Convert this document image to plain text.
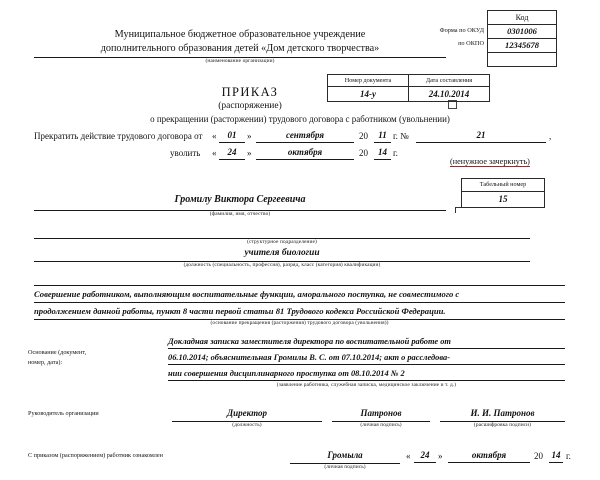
Форма по ОКУД
по ОКПО
Код
0301006
12345678
Муниципальное бюджетное образовательное учреждение
дополнительного образования детей «Дом детского творчества»
(наименование организации)
ПРИКАЗ
(распоряжение)
о прекращении (расторжении) трудового договора с работником (увольнении)
Номер документа	Дата составления
14-у	24.10.2014
Прекратить действие трудового договора от «	01	»	сентября	20	11 г. №	21	,
уволить «	24	»	октября	20	14 г.
(ненужное зачеркнуть)
Громилу Виктора Сергеевича
(фамилия, имя, отчество)
Табельный номер
15
(структурное подразделение)
учителя биологии
(должность (специальность, профессия), разряд, класс (категория) квалификации)
Совершение работником, выполняющим воспитательные функции, аморального поступка, не совместимого с
продолжением данной работы, пункт 8 части первой статьи 81 Трудового кодекса Российской Федерации.
(основание прекращения (расторжения) трудового договора (увольнения))
Основание (документ,
номер, дата):
Докладная записка заместителя директора по воспитательной работе от
06.10.2014; объяснительная Громилы В. С. от 07.10.2014; акт о расследова-
нии совершения дисциплинарного проступка от 08.10.2014 № 2
(заявление работника, служебная записка, медицинское заключение и т. д.)
Руководитель организации	Директор
(должность)
Патронов
(личная подпись)
И. И. Патронов
(расшифровка подписи)
С приказом (распоряжением) работник ознакомлен	Громыла
(личная подпись)
«	24 »	октября	20 14 г.
